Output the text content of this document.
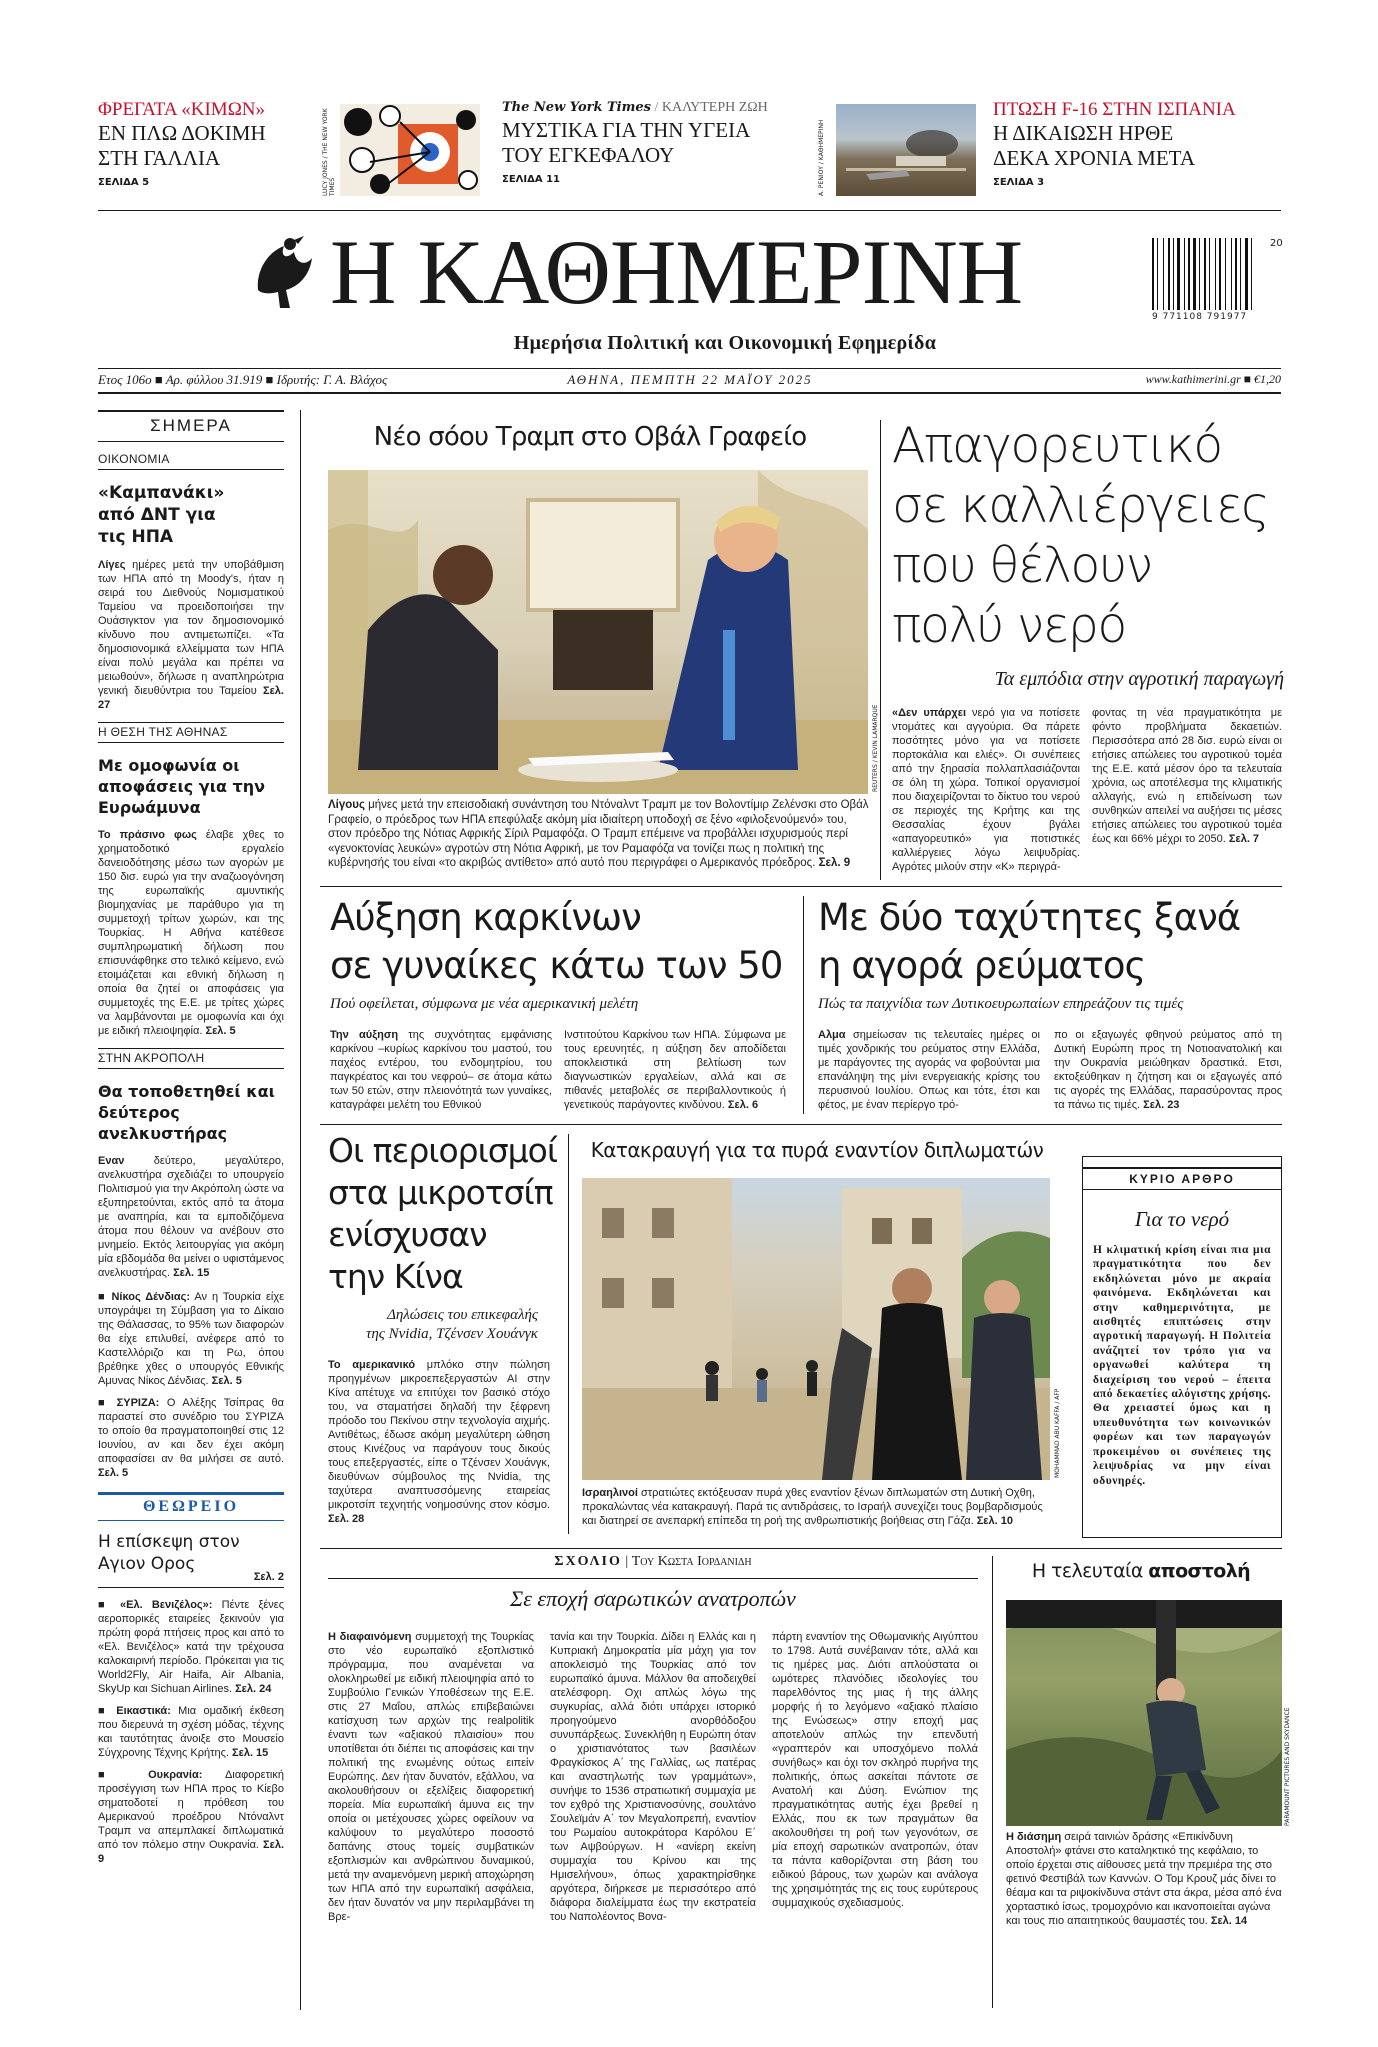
ΦΡΕΓΑΤΑ «ΚΙΜΩΝ»
ΕΝ ΠΛΩ ΔΟΚΙΜΗ
ΣΤΗ ΓΑΛΛΙΑ
ΣΕΛΙΔΑ 5	LUCY JONES / THE NEW YORK TIMES
The New York Times / ΚΑΛΥΤΕΡΗ ΖΩΗ
ΜΥΣΤΙΚΑ ΓΙΑ ΤΗΝ ΥΓΕΙΑ
ΤΟΥ ΕΓΚΕΦΑΛΟΥ
ΣΕΛΙΔΑ 11	Α. ΡΕΝΙΟΥ / ΚΑΘΗΜΕΡΙΝΗ
ΠΤΩΣΗ F-16 ΣΤΗΝ ΙΣΠΑΝΙΑ
Η ΔΙΚΑΙΩΣΗ ΗΡΘΕ
ΔΕΚΑ ΧΡΟΝΙΑ ΜΕΤΑ
ΣΕΛΙΔΑ 3
Η ΚΑΘΗΜΕΡΙΝΗ	20
9 771108 791977
Ημερήσια Πολιτική και Οικονομική Εφημερίδα
Ετος 106ο ■ Αρ. φύλλου 31.919 ■ Ιδρυτής: Γ. Α. Βλάχος	ΑΘΗΝΑ, ΠΕΜΠΤΗ 22 ΜΑΪΟΥ 2025	www.kathimerini.gr ■ €1,20
ΣΗΜΕΡΑ
ΟΙΚΟΝΟΜΙΑ
«Καμπανάκι» από ΔΝΤ για τις ΗΠΑ
Λίγες ημέρες μετά την υποβάθμιση των ΗΠΑ από τη Moody's, ήταν η σειρά του Διεθνούς Νομισματικού Ταμείου να προειδοποιήσει την Ουάσιγκτον για τον δημοσιονομικό κίνδυνο που αντιμετωπίζει. «Τα δημοσιονομικά ελλείμματα των ΗΠΑ είναι πολύ μεγάλα και πρέπει να μειωθούν», δήλωσε η αναπληρώτρια γενική διευθύντρια του Ταμείου Σελ. 27
Η ΘΕΣΗ ΤΗΣ ΑΘΗΝΑΣ
Με ομοφωνία οι αποφάσεις για την Ευρωάμυνα
Το πράσινο φως έλαβε χθες το χρηματοδοτικό εργαλείο δανειοδότησης μέσω των αγορών με 150 δισ. ευρώ για την αναζωογόνηση της ευρωπαϊκής αμυντικής βιομηχανίας με παράθυρο για τη συμμετοχή τρίτων χωρών, και της Τουρκίας. Η Αθήνα κατέθεσε συμπληρωματική δήλωση που επισυνάφθηκε στο τελικό κείμενο, ενώ ετοιμάζεται και εθνική δήλωση η οποία θα ζητεί οι αποφάσεις για συμμετοχές της Ε.Ε. με τρίτες χώρες να λαμβάνονται με ομοφωνία και όχι με ειδική πλειοψηφία. Σελ. 5
ΣΤΗΝ ΑΚΡΟΠΟΛΗ
Θα τοποθετηθεί και δεύτερος ανελκυστήρας
Εναν δεύτερο, μεγαλύτερο, ανελκυστήρα σχεδιάζει το υπουργείο Πολιτισμού για την Ακρόπολη ώστε να εξυπηρετούνται, εκτός από τα άτομα με αναπηρία, και τα εμποδιζόμενα άτομα που θέλουν να ανέβουν στο μνημείο. Εκτός λειτουργίας για ακόμη μία εβδομάδα θα μείνει ο υφιστάμενος ανελκυστήρας. Σελ. 15
■ Νίκος Δένδιας: Αν η Τουρκία είχε υπογράψει τη Σύμβαση για το Δίκαιο της Θάλασσας, το 95% των διαφορών θα είχε επιλυθεί, ανέφερε από το Καστελλόριζο και τη Ρω, όπου βρέθηκε χθες ο υπουργός Εθνικής Αμυνας Νίκος Δένδιας. Σελ. 5
■ ΣΥΡΙΖΑ: Ο Αλέξης Τσίπρας θα παραστεί στο συνέδριο του ΣΥΡΙΖΑ το οποίο θα πραγματοποιηθεί στις 12 Ιουνίου, αν και δεν έχει ακόμη αποφασίσει αν θα μιλήσει σε αυτό. Σελ. 5
ΘΕΩΡΕΙΟ
Η επίσκεψη στον Αγιον Ορος
Σελ. 2
■ «Ελ. Βενιζέλος»: Πέντε ξένες αεροπορικές εταιρείες ξεκινούν για πρώτη φορά πτήσεις προς και από το «Ελ. Βενιζέλος» κατά την τρέχουσα καλοκαιρινή περίοδο. Πρόκειται για τις World2Fly, Air Haifa, Air Albania, SkyUp και Sichuan Airlines. Σελ. 24
■ Εικαστικά: Μια ομαδική έκθεση που διερευνά τη σχέση μόδας, τέχνης και ταυτότητας άνοιξε στο Μουσείο Σύγχρονης Τέχνης Κρήτης. Σελ. 15
■ Ουκρανία: Διαφορετική προσέγγιση των ΗΠΑ προς το Κίεβο σηματοδοτεί η πρόθεση του Αμερικανού προέδρου Ντόναλντ Τραμπ να απεμπλακεί διπλωματικά από τον πόλεμο στην Ουκρανία. Σελ. 9
Νέο σόου Τραμπ στο Οβάλ Γραφείο
REUTERS / KEVIN LAMARQUE
Λίγους μήνες μετά την επεισοδιακή συνάντηση του Ντόναλντ Τραμπ με τον Βολοντίμιρ Ζελένσκι στο Οβάλ Γραφείο, ο πρόεδρος των ΗΠΑ επεφύλαξε ακόμη μία ιδιαίτερη υποδοχή σε ξένο «φιλοξενούμενό» του, στον πρόεδρο της Νότιας Αφρικής Σίριλ Ραμαφόζα. Ο Τραμπ επέμεινε να προβάλλει ισχυρισμούς περί «γενοκτονίας λευκών» αγροτών στη Νότια Αφρική, με τον Ραμαφόζα να τονίζει πως η πολιτική της κυβέρνησής του είναι «το ακριβώς αντίθετο» από αυτό που περιγράφει ο Αμερικανός πρόεδρος. Σελ. 9
Απαγορευτικό
σε καλλιέργειες
που θέλουν
πολύ νερό
Τα εμπόδια στην αγροτική παραγωγή
«Δεν υπάρχει νερό για να ποτίσετε ντομάτες και αγγούρια. Θα πάρετε ποσότητες μόνο για να ποτίσετε πορτοκάλια και ελιές». Οι συνέπειες από την ξηρασία πολλαπλασιάζονται σε όλη τη χώρα. Τοπικοί οργανισμοί που διαχειρίζονται το δίκτυο του νερού σε περιοχές της Κρήτης και της Θεσσαλίας έχουν βγάλει «απαγορευτικό» για ποτιστικές καλλιέργειες λόγω λειψυδρίας. Αγρότες μιλούν στην «Κ» περιγρά-
φοντας τη νέα πραγματικότητα με φόντο προβλήματα δεκαετιών. Περισσότερα από 28 δισ. ευρώ είναι οι ετήσιες απώλειες του αγροτικού τομέα της Ε.Ε. κατά μέσον όρο τα τελευταία χρόνια, ως αποτέλεσμα της κλιματικής αλλαγής, ενώ η επιδείνωση των συνθηκών απειλεί να αυξήσει τις μέσες ετήσιες απώλειες του αγροτικού τομέα έως και 66% μέχρι το 2050. Σελ. 7
Αύξηση καρκίνων
σε γυναίκες κάτω των 50
Πού οφείλεται, σύμφωνα με νέα αμερικανική μελέτη
Την αύξηση της συχνότητας εμφάνισης καρκίνου –κυρίως καρκίνου του μαστού, του παχέος εντέρου, του ενδομητρίου, του παγκρέατος και του νεφρού– σε άτομα κάτω των 50 ετών, στην πλειονότητά των γυναίκες, καταγράφει μελέτη του Εθνικού
Ινστιτούτου Καρκίνου των ΗΠΑ. Σύμφωνα με τους ερευνητές, η αύξηση δεν αποδίδεται αποκλειστικά στη βελτίωση των διαγνωστικών εργαλείων, αλλά και σε πιθανές μεταβολές σε περιβαλλοντικούς ή γενετικούς παράγοντες κινδύνου. Σελ. 6
Με δύο ταχύτητες ξανά
η αγορά ρεύματος
Πώς τα παιχνίδια των Δυτικοευρωπαίων επηρεάζουν τις τιμές
Αλμα σημείωσαν τις τελευταίες ημέρες οι τιμές χονδρικής του ρεύματος στην Ελλάδα, με παράγοντες της αγοράς να φοβούνται μια επανάληψη της μίνι ενεργειακής κρίσης του περυσινού Ιουλίου. Οπως και τότε, έτσι και φέτος, με έναν περίεργο τρό-
πο οι εξαγωγές φθηνού ρεύματος από τη Δυτική Ευρώπη προς τη Νοτιοανατολική και την Ουκρανία μειώθηκαν δραστικά. Ετσι, εκτοξεύθηκαν η ζήτηση και οι εξαγωγές από τις αγορές της Ελλάδας, παρασύροντας προς τα πάνω τις τιμές. Σελ. 23
Οι περιορισμοί
στα μικροτσίπ
ενίσχυσαν
την Κίνα
Δηλώσεις του επικεφαλής
της Nvidia, Τζένσεν Χουάνγκ
Το αμερικανικό μπλόκο στην πώληση προηγμένων μικροεπεξεργαστών AI στην Κίνα απέτυχε να επιτύχει τον βασικό στόχο του, να σταματήσει δηλαδή την ξέφρενη πρόοδο του Πεκίνου στην τεχνολογία αιχμής. Αντιθέτως, έδωσε ακόμη μεγαλύτερη ώθηση στους Κινέζους να παράγουν τους δικούς τους επεξεργαστές, είπε ο Τζένσεν Χουάνγκ, διευθύνων σύμβουλος της Nvidia, της ταχύτερα αναπτυσσόμενης εταιρείας μικροτσίπ τεχνητής νοημοσύνης στον κόσμο. Σελ. 28
Κατακραυγή για τα πυρά εναντίον διπλωματών
MOHAMMAD ABU KAFFA / AFP
Ισραηλινοί στρατιώτες εκτόξευσαν πυρά χθες εναντίον ξένων διπλωματών στη Δυτική Οχθη, προκαλώντας νέα κατακραυγή. Παρά τις αντιδράσεις, το Ισραήλ συνεχίζει τους βομβαρδισμούς και διατηρεί σε ανεπαρκή επίπεδα τη ροή της ανθρωπιστικής βοήθειας στη Γάζα. Σελ. 10
ΚΥΡΙΟ ΑΡΘΡΟ
Για το νερό
Η κλιματική κρίση είναι πια μια πραγματικότητα που δεν εκδηλώνεται μόνο με ακραία φαινόμενα. Εκδηλώνεται και στην καθημερινότητα, με αισθητές επιπτώσεις στην αγροτική παραγωγή. Η Πολιτεία ανάζητεί τον τρόπο για να οργανωθεί καλύτερα τη διαχείριση του νερού – έπειτα από δεκαετίες αλόγιστης χρήσης. Θα χρειαστεί όμως και η υπευθυνότητα των κοινωνικών φορέων και των παραγωγών προκειμένου οι συνέπειες της λειψυδρίας να μην είναι οδυνηρές.
ΣΧΟΛΙΟ | Του Κωστα Ιορδανιδη
Σε εποχή σαρωτικών ανατροπών
Η διαφαινόμενη συμμετοχή της Τουρκίας στο νέο ευρωπαϊκό εξοπλιστικό πρόγραμμα, που αναμένεται να ολοκληρωθεί με ειδική πλειοψηφία από το Συμβούλιο Γενικών Υποθέσεων της Ε.Ε. στις 27 Μαΐου, απλώς επιβεβαιώνει κατίσχυση των αρχών της realpolitik έναντι των «αξιακού πλαισίου» που υποτίθεται ότι διέπει τις αποφάσεις και την πολιτική της ενωμένης ούτως ειπείν Ευρώπης. Δεν ήταν δυνατόν, εξάλλου, να ακολουθήσουν οι εξελίξεις διαφορετική πορεία. Μία ευρωπαϊκή άμυνα εις την οποία οι μετέχουσες χώρες οφείλουν να καλύψουν το μεγαλύτερο ποσοστό δαπάνης στους τομείς συμβατικών εξοπλισμών και ανθρώπινου δυναμικού, μετά την αναμενόμενη μερική αποχώρηση των ΗΠΑ από την ευρωπαϊκή ασφάλεια, δεν ήταν δυνατόν να μην περιλαμβάνει τη Βρε-
τανία και την Τουρκία. Δίδει η Ελλάς και η Κυπριακή Δημοκρατία μία μάχη για τον αποκλεισμό της Τουρκίας από τον ευρωπαϊκό άμυνα. Μάλλον θα αποδειχθεί ατελέσφορη. Οχι απλώς λόγω της συγκυρίας, αλλά διότι υπάρχει ιστορικό προηγούμενο ανορθόδοξου συνυπάρξεως. Συνεκλήθη η Ευρώπη όταν ο χριστιανότατος των βασιλέων Φραγκίσκος Α΄ της Γαλλίας, ως πατέρας και αναστηλωτής των γραμμάτων», συνήψε το 1536 στρατιωτική συμμαχία με τον εχθρό της Χριστιανοσύνης, σουλτάνο Σουλεϊμάν Α΄ τον Μεγαλοπρεπή, εναντίον του Ρωμαίου αυτοκράτορα Καρόλου Ε΄ των Αψβούργων. Η «ανίερη εκείνη συμμαχία του Κρίνου και της Ημισελήνου», όπως χαρακτηρίσθηκε αργότερα, διήρκεσε με περισσότερο από διάφορα διαλείμματα έως την εκστρατεία του Ναπολέοντος Βονα-
πάρτη εναντίον της Οθωμανικής Αιγύπτου το 1798. Αυτά συνέβαιναν τότε, αλλά και τις ημέρες μας. Διότι απλούστατα οι ωμότερες πλανόδιες ιδεολογίες του παρελθόντος της μιας ή της άλλης μορφής ή το λεγόμενο «αξιακό πλαίσιο της Ενώσεως» στην εποχή μας αποτελούν απλώς την επενδυτή «γραπτερόν και υποσχόμενο πολλά συνήθως» και όχι τον σκληρό πυρήνα της πολιτικής, όπως ασκείται πάντοτε σε Ανατολή και Δύση. Ενώπιον της πραγματικότητας αυτής έχει βρεθεί η Ελλάς, που εκ των πραγμάτων θα ακολουθήσει τη ροή των γεγονότων, σε μία εποχή σαρωτικών ανατροπών, όταν τα πάντα καθορίζονται στη βάση του ειδικού βάρους, των χωρών και ανάλογα της χρησιμότητάς της εις τους ευρύτερους συμμαχικούς σχεδιασμούς.
Η τελευταία αποστολή
PARAMOUNT PICTURES AND SKYDANCE
Η διάσημη σειρά ταινιών δράσης «Επικίνδυνη Αποστολή» φτάνει στο καταληκτικό της κεφάλαιο, το οποίο έρχεται στις αίθουσες μετά την πρεμιέρα της στο φετινό Φεστιβάλ των Καννών. Ο Τομ Κρουζ μάς δίνει το θέαμα και τα ριψοκίνδυνα στάντ στα άκρα, μέσα από ένα χορταστικό ίσως, τρομοχρόνιο και ικανοποιείται αγώνα και τους πιο απαιτητικούς θαυμαστές του. Σελ. 14
